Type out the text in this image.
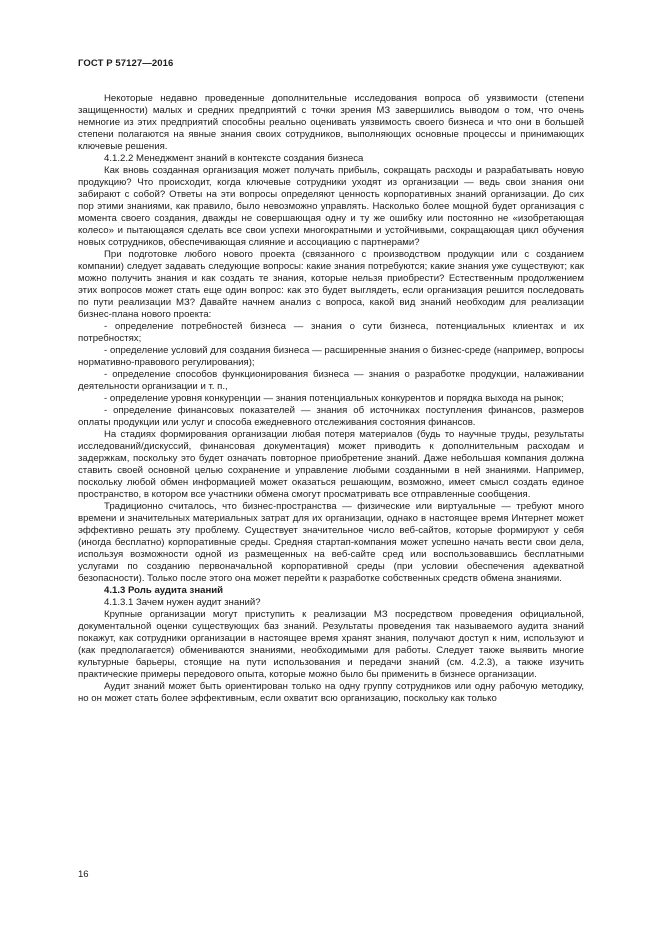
ГОСТ Р 57127—2016

Некоторые недавно проведенные дополнительные исследования вопроса об уязвимости (степени защищенности) малых и средних предприятий с точки зрения МЗ завершились выводом о том, что очень немногие из этих предприятий способны реально оценивать уязвимость своего бизнеса и что они в большей степени полагаются на явные знания своих сотрудников, выполняющих основные процессы и принимающих ключевые решения.

4.1.2.2 Менеджмент знаний в контексте создания бизнеса

Как вновь созданная организация может получать прибыль, сокращать расходы и разрабатывать новую продукцию? Что происходит, когда ключевые сотрудники уходят из организации — ведь свои знания они забирают с собой? Ответы на эти вопросы определяют ценность корпоративных знаний организации. До сих пор этими знаниями, как правило, было невозможно управлять. Насколько более мощной будет организация с момента своего создания, дважды не совершающая одну и ту же ошибку или постоянно не «изобретающая колесо» и пытающаяся сделать все свои успехи многократными и устойчивыми, сокращающая цикл обучения новых сотрудников, обеспечивающая слияние и ассоциацию с партнерами?

При подготовке любого нового проекта (связанного с производством продукции или с созданием компании) следует задавать следующие вопросы: какие знания потребуются; какие знания уже существуют; как можно получить знания и как создать те знания, которые нельзя приобрести? Естественным продолжением этих вопросов может стать еще один вопрос: как это будет выглядеть, если организация решится последовать по пути реализации МЗ? Давайте начнем анализ с вопроса, какой вид знаний необходим для реализации бизнес-плана нового проекта:

- определение потребностей бизнеса — знания о сути бизнеса, потенциальных клиентах и их потребностях;

- определение условий для создания бизнеса — расширенные знания о бизнес-среде (например, вопросы нормативно-правового регулирования);

- определение способов функционирования бизнеса — знания о разработке продукции, налаживании деятельности организации и т. п.,

- определение уровня конкуренции — знания потенциальных конкурентов и порядка выхода на рынок;

- определение финансовых показателей — знания об источниках поступления финансов, размеров оплаты продукции или услуг и способа ежедневного отслеживания состояния финансов.

На стадиях формирования организации любая потеря материалов (будь то научные труды, результаты исследований/дискуссий, финансовая документация) может приводить к дополнительным расходам и задержкам, поскольку это будет означать повторное приобретение знаний. Даже небольшая компания должна ставить своей основной целью сохранение и управление любыми созданными в ней знаниями. Например, поскольку любой обмен информацией может оказаться решающим, возможно, имеет смысл создать единое пространство, в котором все участники обмена смогут просматривать все отправленные сообщения.

Традиционно считалось, что бизнес-пространства — физические или виртуальные — требуют много времени и значительных материальных затрат для их организации, однако в настоящее время Интернет может эффективно решать эту проблему. Существует значительное число веб-сайтов, которые формируют у себя (иногда бесплатно) корпоративные среды. Средняя стартап-компания может успешно начать вести свои дела, используя возможности одной из размещенных на веб-сайте сред или воспользовавшись бесплатными услугами по созданию первоначальной корпоративной среды (при условии обеспечения адекватной безопасности). Только после этого она может перейти к разработке собственных средств обмена знаниями.

4.1.3 Роль аудита знаний

4.1.3.1 Зачем нужен аудит знаний?

Крупные организации могут приступить к реализации МЗ посредством проведения официальной, документальной оценки существующих баз знаний. Результаты проведения так называемого аудита знаний покажут, как сотрудники организации в настоящее время хранят знания, получают доступ к ним, используют и (как предполагается) обмениваются знаниями, необходимыми для работы. Следует также выявить многие культурные барьеры, стоящие на пути использования и передачи знаний (см. 4.2.3), а также изучить практические примеры передового опыта, которые можно было бы применить в бизнесе организации.

Аудит знаний может быть ориентирован только на одну группу сотрудников или одну рабочую методику, но он может стать более эффективным, если охватит всю организацию, поскольку как только

16
